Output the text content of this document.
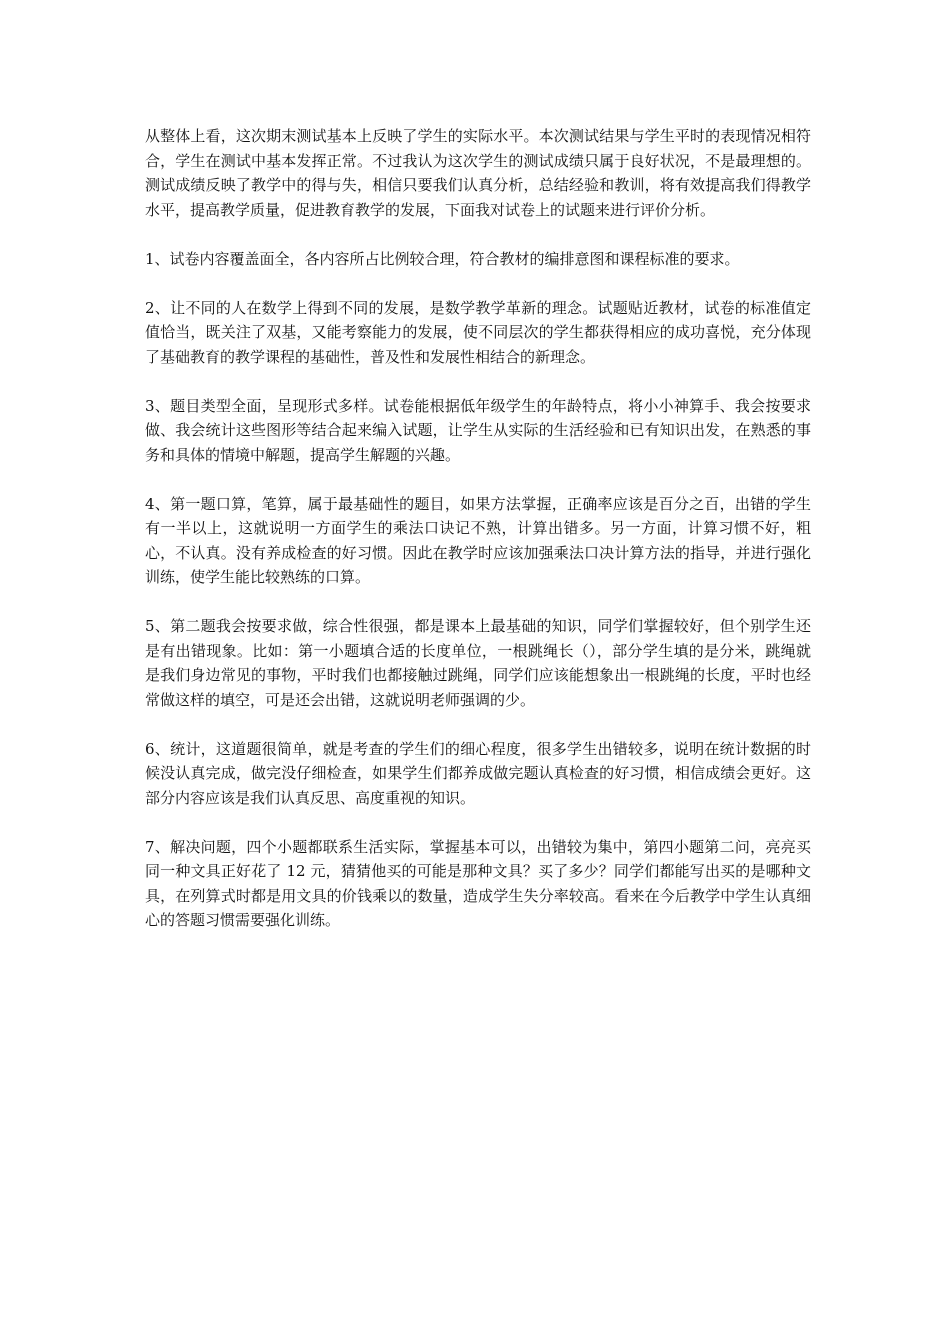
从整体上看，这次期末测试基本上反映了学生的实际水平。本次测试结果与学生平时的表现情况相符合，学生在测试中基本发挥正常。不过我认为这次学生的测试成绩只属于良好状况，不是最理想的。测试成绩反映了教学中的得与失，相信只要我们认真分析，总结经验和教训，将有效提高我们得教学水平，提高教学质量，促进教育教学的发展，下面我对试卷上的试题来进行评价分析。

1、试卷内容覆盖面全，各内容所占比例较合理，符合教材的编排意图和课程标准的要求。

2、让不同的人在数学上得到不同的发展，是数学教学革新的理念。试题贴近教材，试卷的标准值定值恰当，既关注了双基，又能考察能力的发展，使不同层次的学生都获得相应的成功喜悦，充分体现了基础教育的教学课程的基础性，普及性和发展性相结合的新理念。

3、题目类型全面，呈现形式多样。试卷能根据低年级学生的年龄特点，将小小神算手、我会按要求做、我会统计这些图形等结合起来编入试题，让学生从实际的生活经验和已有知识出发，在熟悉的事务和具体的情境中解题，提高学生解题的兴趣。

4、第一题口算，笔算，属于最基础性的题目，如果方法掌握，正确率应该是百分之百，出错的学生有一半以上，这就说明一方面学生的乘法口诀记不熟，计算出错多。另一方面，计算习惯不好，粗心，不认真。没有养成检查的好习惯。因此在教学时应该加强乘法口决计算方法的指导，并进行强化训练，使学生能比较熟练的口算。

5、第二题我会按要求做，综合性很强，都是课本上最基础的知识，同学们掌握较好，但个别学生还是有出错现象。比如：第一小题填合适的长度单位，一根跳绳长（），部分学生填的是分米，跳绳就是我们身边常见的事物，平时我们也都接触过跳绳，同学们应该能想象出一根跳绳的长度，平时也经常做这样的填空，可是还会出错，这就说明老师强调的少。

6、统计，这道题很简单，就是考查的学生们的细心程度，很多学生出错较多，说明在统计数据的时候没认真完成，做完没仔细检查，如果学生们都养成做完题认真检查的好习惯，相信成绩会更好。这部分内容应该是我们认真反思、高度重视的知识。

7、解决问题，四个小题都联系生活实际，掌握基本可以，出错较为集中，第四小题第二问，亮亮买同一种文具正好花了 12 元，猜猜他买的可能是那种文具？买了多少？同学们都能写出买的是哪种文具，在列算式时都是用文具的价钱乘以的数量，造成学生失分率较高。看来在今后教学中学生认真细心的答题习惯需要强化训练。
